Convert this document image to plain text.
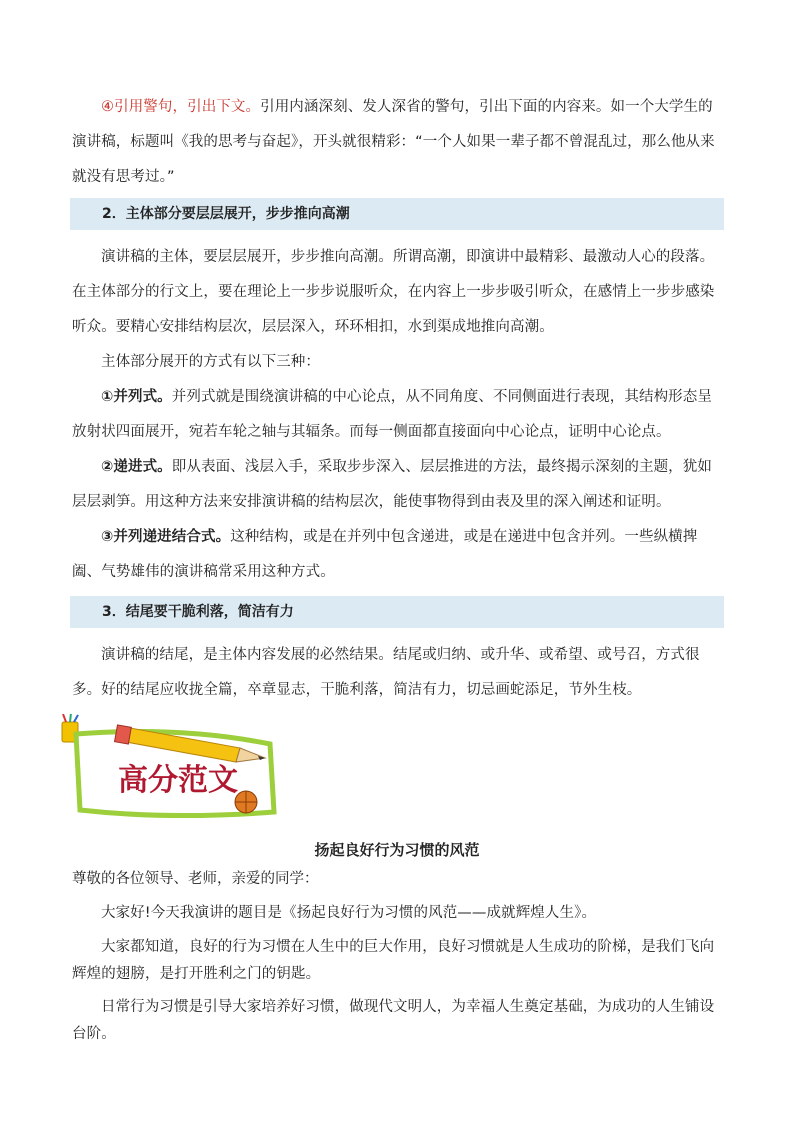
④引用警句，引出下文。引用内涵深刻、发人深省的警句，引出下面的内容来。如一个大学生的演讲稿，标题叫《我的思考与奋起》，开头就很精彩：“一个人如果一辈子都不曾混乱过，那么他从来就没有思考过。”

2．主体部分要层层展开，步步推向高潮

演讲稿的主体，要层层展开，步步推向高潮。所谓高潮，即演讲中最精彩、最激动人心的段落。在主体部分的行文上，要在理论上一步步说服听众，在内容上一步步吸引听众，在感情上一步步感染听众。要精心安排结构层次，层层深入，环环相扣，水到渠成地推向高潮。

主体部分展开的方式有以下三种：

①并列式。并列式就是围绕演讲稿的中心论点，从不同角度、不同侧面进行表现，其结构形态呈放射状四面展开，宛若车轮之轴与其辐条。而每一侧面都直接面向中心论点，证明中心论点。

②递进式。即从表面、浅层入手，采取步步深入、层层推进的方法，最终揭示深刻的主题，犹如层层剥笋。用这种方法来安排演讲稿的结构层次，能使事物得到由表及里的深入阐述和证明。

③并列递进结合式。这种结构，或是在并列中包含递进，或是在递进中包含并列。一些纵横捭阖、气势雄伟的演讲稿常采用这种方式。

3．结尾要干脆利落，简洁有力

演讲稿的结尾，是主体内容发展的必然结果。结尾或归纳、或升华、或希望、或号召，方式很多。好的结尾应收拢全篇，卒章显志，干脆利落，简洁有力，切忌画蛇添足，节外生枝。

高分范文
扬起良好行为习惯的风范

尊敬的各位领导、老师，亲爱的同学：

大家好!今天我演讲的题目是《扬起良好行为习惯的风范——成就辉煌人生》。

大家都知道，良好的行为习惯在人生中的巨大作用，良好习惯就是人生成功的阶梯，是我们飞向辉煌的翅膀，是打开胜利之门的钥匙。

日常行为习惯是引导大家培养好习惯，做现代文明人，为幸福人生奠定基础，为成功的人生铺设台阶。
